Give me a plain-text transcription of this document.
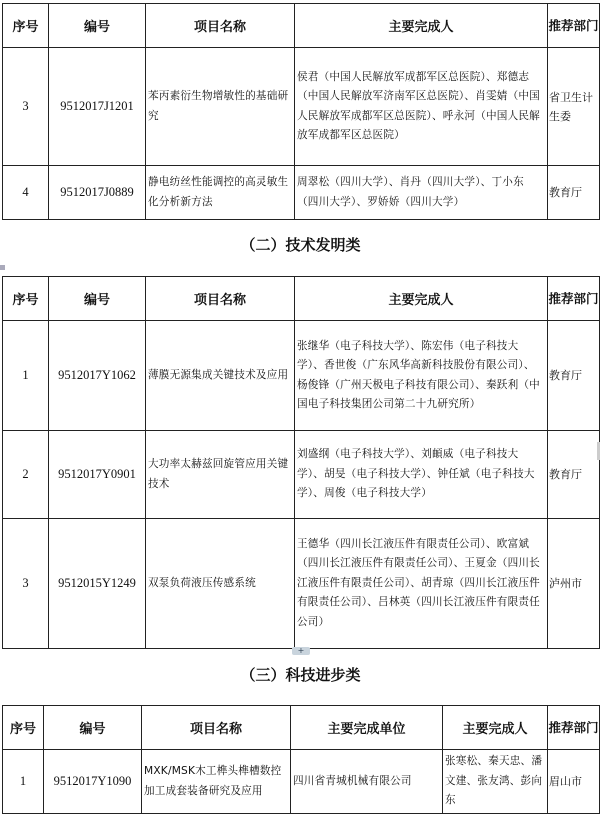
序号	编号	项目名称	主要完成人	推荐部门
3	9512017J1201	苯丙素衍生物增敏性的基础研究	侯君（中国人民解放军成都军区总医院）、郑德志（中国人民解放军济南军区总医院）、肖雯婧（中国人民解放军成都军区总医院）、呼永河（中国人民解放军成都军区总医院）	省卫生计生委
4	9512017J0889	静电纺丝性能调控的高灵敏生化分析新方法	周翠松（四川大学）、肖丹（四川大学）、丁小东（四川大学）、罗娇娇（四川大学）	教育厅
（二）技术发明类
序号	编号	项目名称	主要完成人	推荐部门
1	9512017Y1062	薄膜无源集成关键技术及应用	张继华（电子科技大学）、陈宏伟（电子科技大学）、香世俊（广东风华高新科技股份有限公司）、杨俊锋（广州天极电子科技有限公司）、秦跃利（中国电子科技集团公司第二十九研究所）	教育厅
2	9512017Y0901	大功率太赫兹回旋管应用关键技术	刘盛纲（电子科技大学）、刘頔威（电子科技大学）、胡旻（电子科技大学）、钟任斌（电子科技大学）、周俊（电子科技大学）	教育厅
3	9512015Y1249	双泵负荷液压传感系统	王德华（四川长江液压件有限责任公司）、欧富斌（四川长江液压件有限责任公司）、王夏金（四川长江液压件有限责任公司）、胡青琼（四川长江液压件有限责任公司）、吕林英（四川长江液压件有限责任公司）	泸州市
+
（三）科技进步类
序号	编号	项目名称	主要完成单位	主要完成人	推荐部门
1	9512017Y1090	MXK/MSK木工榫头榫槽数控加工成套装备研究及应用	四川省青城机械有限公司	张寒松、秦天忠、潘文建、张友鸿、彭向东	眉山市
